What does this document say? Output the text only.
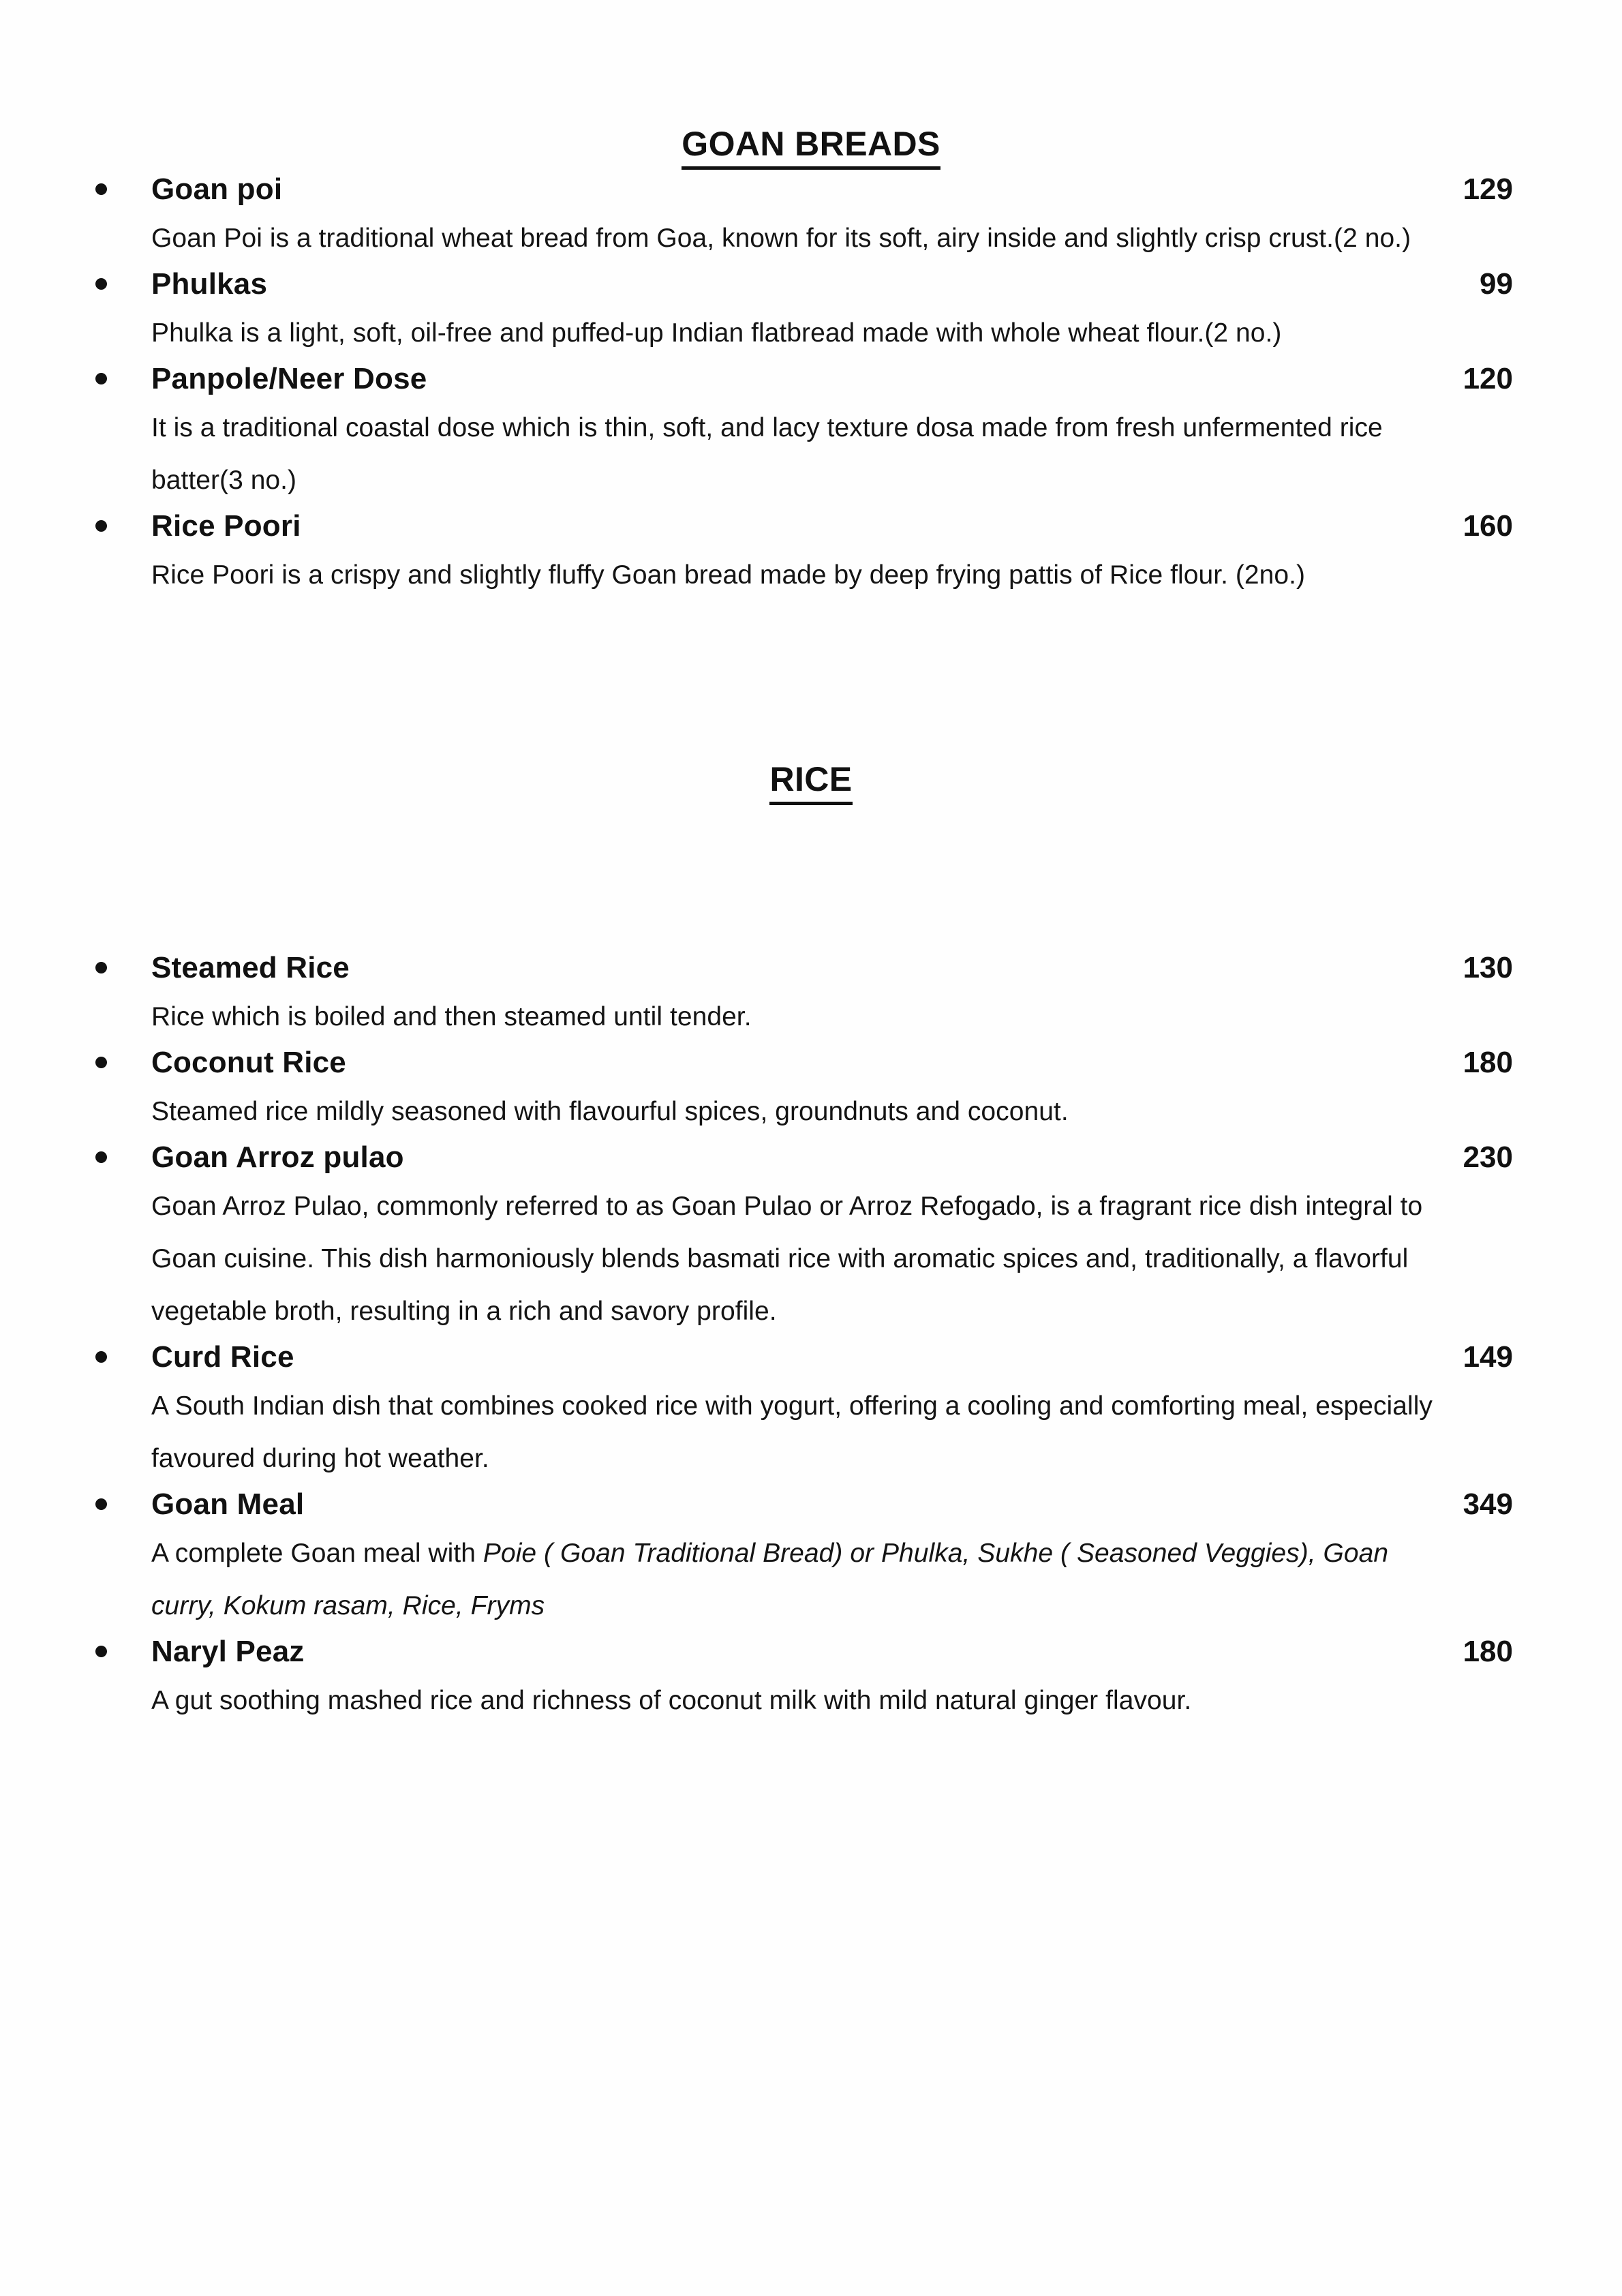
GOAN BREADS
Goan poi	129

Goan Poi is a traditional wheat bread from Goa, known for its soft, airy inside and slightly crisp crust.(2 no.)

Phulkas	99

Phulka is a light, soft, oil-free and puffed-up Indian flatbread made with whole wheat flour.(2 no.)

Panpole/Neer Dose	120

It is a traditional coastal dose which is thin, soft, and lacy texture dosa made from fresh unfermented rice batter(3 no.)

Rice Poori	160

Rice Poori is a crispy and slightly fluffy Goan bread made by deep frying pattis of Rice flour. (2no.)

RICE
Steamed Rice	130

Rice which is boiled and then steamed until tender.

Coconut Rice	180

Steamed rice mildly seasoned with flavourful spices, groundnuts and coconut.

Goan Arroz pulao	230

Goan Arroz Pulao, commonly referred to as Goan Pulao or Arroz Refogado, is a fragrant rice dish integral to Goan cuisine. This dish harmoniously blends basmati rice with aromatic spices and, traditionally, a flavorful vegetable broth, resulting in a rich and savory profile.

Curd Rice	149

A South Indian dish that combines cooked rice with yogurt, offering a cooling and comforting meal, especially favoured during hot weather.

Goan Meal	349

A complete Goan meal with Poie ( Goan Traditional Bread) or Phulka, Sukhe ( Seasoned Veggies), Goan curry, Kokum rasam, Rice, Fryms

Naryl Peaz	180

A gut soothing mashed rice and richness of coconut milk with mild natural ginger flavour.
